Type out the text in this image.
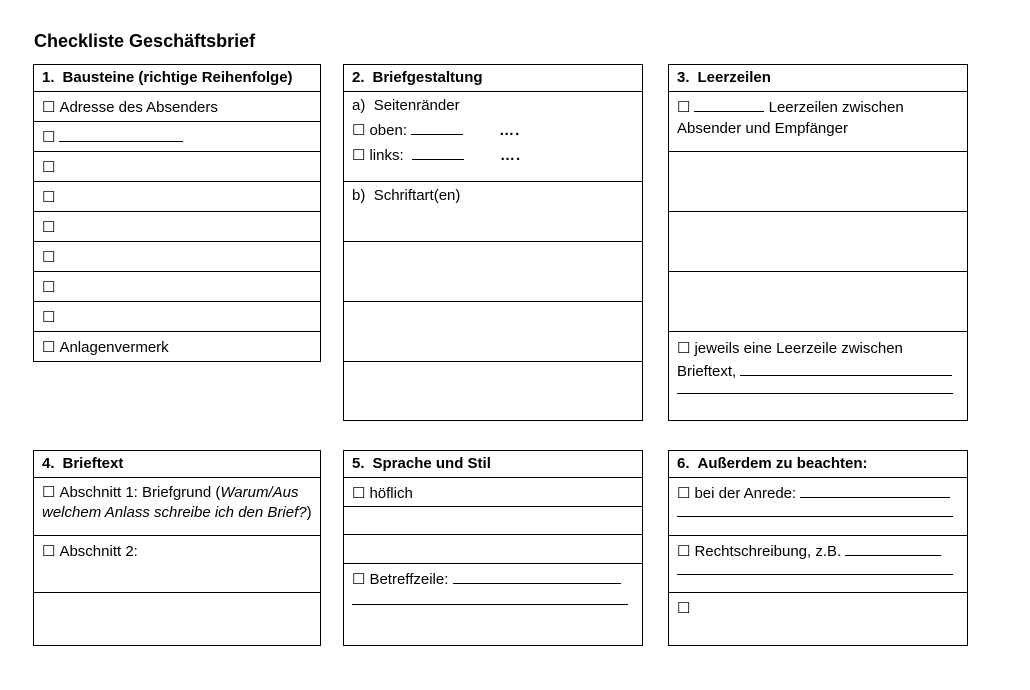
Checkliste Geschäftsbrief
1. Bausteine (richtige Reihenfolge)
☐ Adresse des Absenders
☐
☐
☐
☐
☐
☐
☐
☐ Anlagenvermerk
2. Briefgestaltung
a) Seitenränder
☐ oben:	….
☐ links:	….
b) Schriftart(en)
3. Leerzeilen
☐	Leerzeilen zwischen Absender und Empfänger
☐ jeweils eine Leerzeile zwischen
Brieftext,
4. Brieftext
☐ Abschnitt 1: Briefgrund (Warum/Aus welchem Anlass schreibe ich den Brief?)
☐ Abschnitt 2:
5. Sprache und Stil
☐ höflich
☐ Betreffzeile:
6. Außerdem zu beachten:
☐ bei der Anrede:
☐ Rechtschreibung, z.B.
☐
